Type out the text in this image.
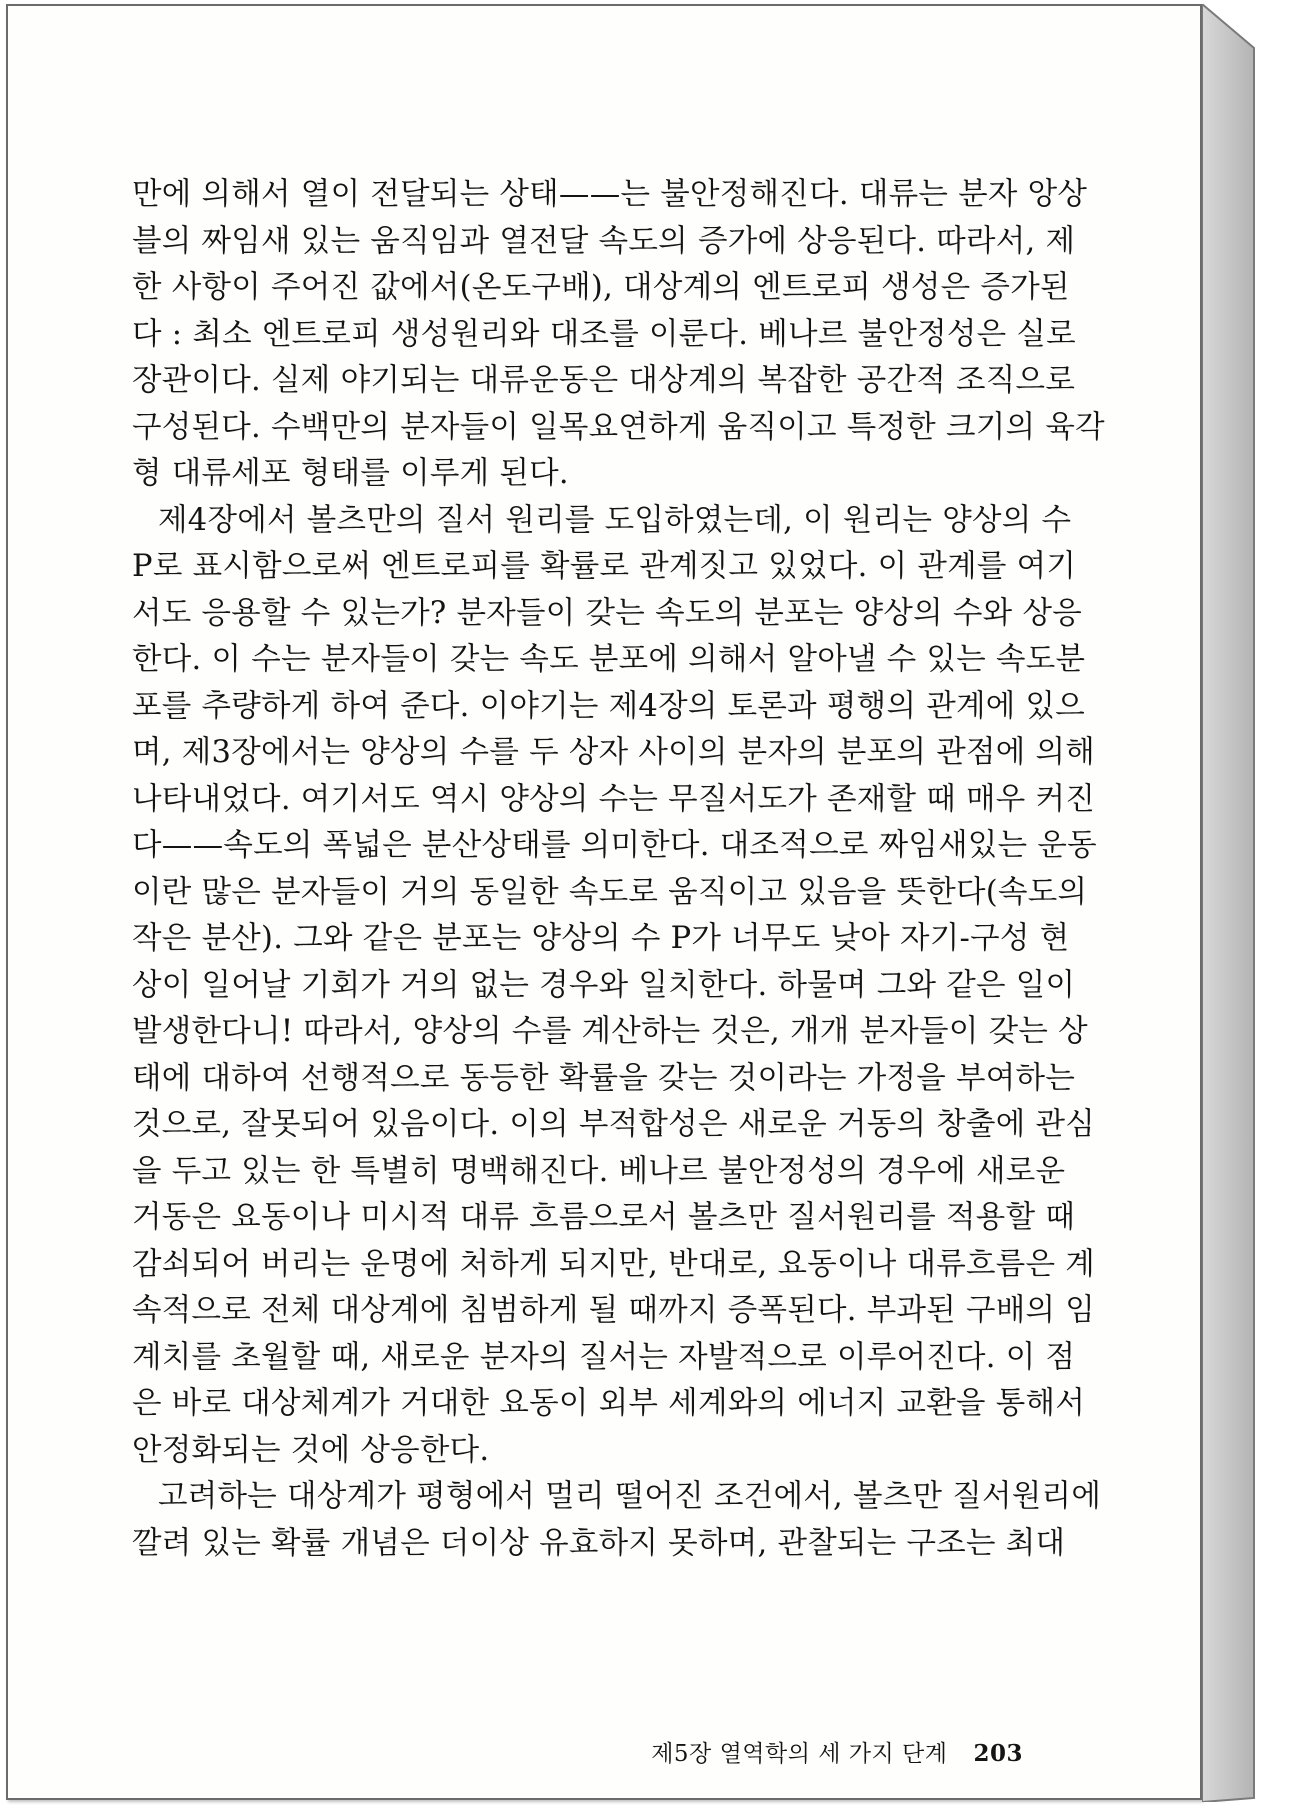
만에 의해서 열이 전달되는 상태——는 불안정해진다. 대류는 분자 앙상
블의 짜임새 있는 움직임과 열전달 속도의 증가에 상응된다. 따라서, 제
한 사항이 주어진 값에서(온도구배), 대상계의 엔트로피 생성은 증가된
다 : 최소 엔트로피 생성원리와 대조를 이룬다. 베나르 불안정성은 실로
장관이다. 실제 야기되는 대류운동은 대상계의 복잡한 공간적 조직으로
구성된다. 수백만의 분자들이 일목요연하게 움직이고 특정한 크기의 육각
형 대류세포 형태를 이루게 된다.
제4장에서 볼츠만의 질서 원리를 도입하였는데, 이 원리는 양상의 수
P로 표시함으로써 엔트로피를 확률로 관계짓고 있었다. 이 관계를 여기
서도 응용할 수 있는가? 분자들이 갖는 속도의 분포는 양상의 수와 상응
한다. 이 수는 분자들이 갖는 속도 분포에 의해서 알아낼 수 있는 속도분
포를 추량하게 하여 준다. 이야기는 제4장의 토론과 평행의 관계에 있으
며, 제3장에서는 양상의 수를 두 상자 사이의 분자의 분포의 관점에 의해
나타내었다. 여기서도 역시 양상의 수는 무질서도가 존재할 때 매우 커진
다——속도의 폭넓은 분산상태를 의미한다. 대조적으로 짜임새있는 운동
이란 많은 분자들이 거의 동일한 속도로 움직이고 있음을 뜻한다(속도의
작은 분산). 그와 같은 분포는 양상의 수 P가 너무도 낮아 자기-구성 현
상이 일어날 기회가 거의 없는 경우와 일치한다. 하물며 그와 같은 일이
발생한다니! 따라서, 양상의 수를 계산하는 것은, 개개 분자들이 갖는 상
태에 대하여 선행적으로 동등한 확률을 갖는 것이라는 가정을 부여하는
것으로, 잘못되어 있음이다. 이의 부적합성은 새로운 거동의 창출에 관심
을 두고 있는 한 특별히 명백해진다. 베나르 불안정성의 경우에 새로운
거동은 요동이나 미시적 대류 흐름으로서 볼츠만 질서원리를 적용할 때
감쇠되어 버리는 운명에 처하게 되지만, 반대로, 요동이나 대류흐름은 계
속적으로 전체 대상계에 침범하게 될 때까지 증폭된다. 부과된 구배의 임
계치를 초월할 때, 새로운 분자의 질서는 자발적으로 이루어진다. 이 점
은 바로 대상체계가 거대한 요동이 외부 세계와의 에너지 교환을 통해서
안정화되는 것에 상응한다.
고려하는 대상계가 평형에서 멀리 떨어진 조건에서, 볼츠만 질서원리에
깔려 있는 확률 개념은 더이상 유효하지 못하며, 관찰되는 구조는 최대
제5장 열역학의 세 가지 단계 203
